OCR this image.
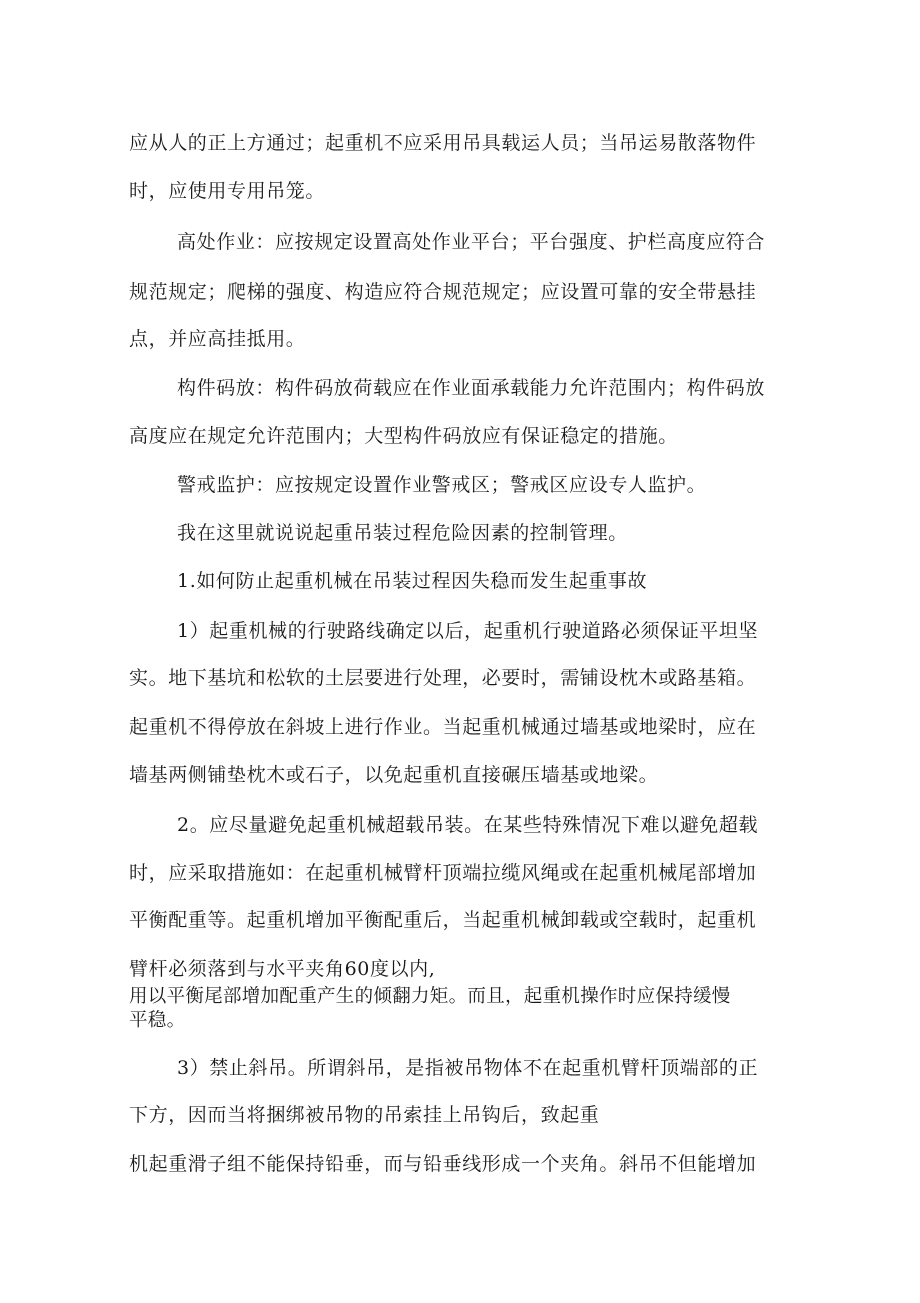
应从人的正上方通过；起重机不应采用吊具载运人员；当吊运易散落物件
时，应使用专用吊笼。
高处作业：应按规定设置高处作业平台；平台强度、护栏高度应符合
规范规定；爬梯的强度、构造应符合规范规定；应设置可靠的安全带悬挂
点，并应高挂抵用。
构件码放：构件码放荷载应在作业面承载能力允许范围内；构件码放
高度应在规定允许范围内；大型构件码放应有保证稳定的措施。
警戒监护：应按规定设置作业警戒区；警戒区应设专人监护。
我在这里就说说起重吊装过程危险因素的控制管理。
1.如何防止起重机械在吊装过程因失稳而发生起重事故
1）起重机械的行驶路线确定以后，起重机行驶道路必须保证平坦坚
实。地下基坑和松软的土层要进行处理，必要时，需铺设枕木或路基箱。
起重机不得停放在斜坡上进行作业。当起重机械通过墙基或地梁时，应在
墙基两侧铺垫枕木或石子，以免起重机直接碾压墙基或地梁。
2。应尽量避免起重机械超载吊装。在某些特殊情况下难以避免超载
时，应采取措施如：在起重机械臂杆顶端拉缆风绳或在起重机械尾部增加
平衡配重等。起重机增加平衡配重后，当起重机械卸载或空载时，起重机
臂杆必须落到与水平夹角60度以内,
用以平衡尾部增加配重产生的倾翻力矩。而且，起重机操作时应保持缓慢
平稳。
3）禁止斜吊。所谓斜吊，是指被吊物体不在起重机臂杆顶端部的正
下方，因而当将捆绑被吊物的吊索挂上吊钩后，致起重
机起重滑子组不能保持铅垂，而与铅垂线形成一个夹角。斜吊不但能增加
